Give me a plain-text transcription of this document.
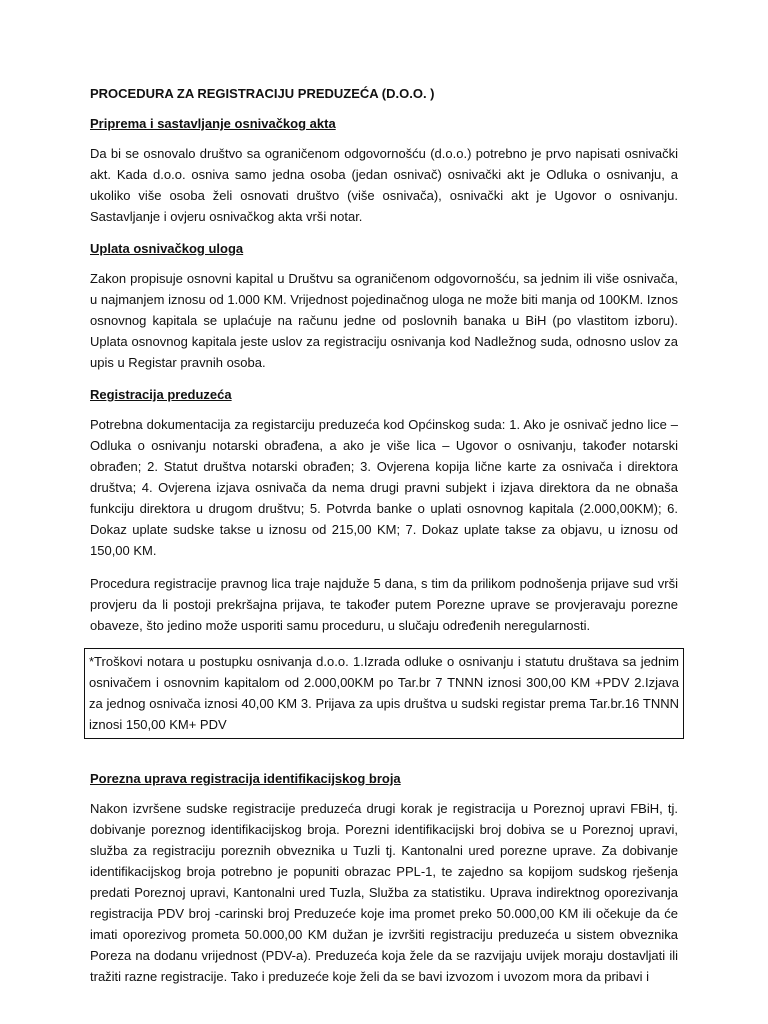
PROCEDURA ZA REGISTRACIJU PREDUZEĆA (D.O.O. )
Priprema i sastavljanje osnivačkog akta

Da bi se osnovalo društvo sa ograničenom odgovornošću (d.o.o.) potrebno je prvo napisati osnivački akt. Kada d.o.o. osniva samo jedna osoba (jedan osnivač) osnivački akt je Odluka o osnivanju, a ukoliko više osoba želi osnovati društvo (više osnivača), osnivački akt je Ugovor o osnivanju. Sastavljanje i ovjeru osnivačkog akta vrši notar.

Uplata osnivačkog uloga

Zakon propisuje osnovni kapital u Društvu sa ograničenom odgovornošću, sa jednim ili više osnivača, u najmanjem iznosu od 1.000 KM. Vrijednost pojedinačnog uloga ne može biti manja od 100KM. Iznos osnovnog kapitala se uplaćuje na računu jedne od poslovnih banaka u BiH (po vlastitom izboru). Uplata osnovnog kapitala jeste uslov za registraciju osnivanja kod Nadležnog suda, odnosno uslov za upis u Registar pravnih osoba.

Registracija preduzeća

Potrebna dokumentacija za registarciju preduzeća kod Općinskog suda: 1. Ako je osnivač jedno lice – Odluka o osnivanju notarski obrađena, a ako je više lica – Ugovor o osnivanju, također notarski obrađen; 2. Statut društva notarski obrađen; 3. Ovjerena kopija lične karte za osnivača i direktora društva; 4. Ovjerena izjava osnivača da nema drugi pravni subjekt i izjava direktora da ne obnaša funkciju direktora u drugom društvu; 5. Potvrda banke o uplati osnovnog kapitala (2.000,00KM); 6. Dokaz uplate sudske takse u iznosu od 215,00 KM; 7. Dokaz uplate takse za objavu, u iznosu od 150,00 KM.

Procedura registracije pravnog lica traje najduže 5 dana, s tim da prilikom podnošenja prijave sud vrši provjeru da li postoji prekršajna prijava, te također putem Porezne uprave se provjeravaju porezne obaveze, što jedino može usporiti samu proceduru, u slučaju određenih neregularnosti.

*Troškovi notara u postupku osnivanja d.o.o. 1.Izrada odluke o osnivanju i statutu društava sa jednim osnivačem i osnovnim kapitalom od 2.000,00KM po Tar.br 7 TNNN iznosi 300,00 KM +PDV 2.Izjava za jednog osnivača iznosi 40,00 KM 3. Prijava za upis društva u sudski registar prema Tar.br.16 TNNN iznosi 150,00 KM+ PDV
Porezna uprava registracija identifikacijskog broja

Nakon izvršene sudske registracije preduzeća drugi korak je registracija u Poreznoj upravi FBiH, tj. dobivanje poreznog identifikacijskog broja. Porezni identifikacijski broj dobiva se u Poreznoj upravi, služba za registraciju poreznih obveznika u Tuzli tj. Kantonalni ured porezne uprave. Za dobivanje identifikacijskog broja potrebno je popuniti obrazac PPL-1, te zajedno sa kopijom sudskog rješenja predati Poreznoj upravi, Kantonalni ured Tuzla, Služba za statistiku. Uprava indirektnog oporezivanja registracija PDV broj -carinski broj Preduzeće koje ima promet preko 50.000,00 KM ili očekuje da će imati oporezivog prometa 50.000,00 KM dužan je izvršiti registraciju preduzeća u sistem obveznika Poreza na dodanu vrijednost (PDV-a). Preduzeća koja žele da se razvijaju uvijek moraju dostavljati ili tražiti razne registracije. Tako i preduzeće koje želi da se bavi izvozom i uvozom mora da pribavi i
